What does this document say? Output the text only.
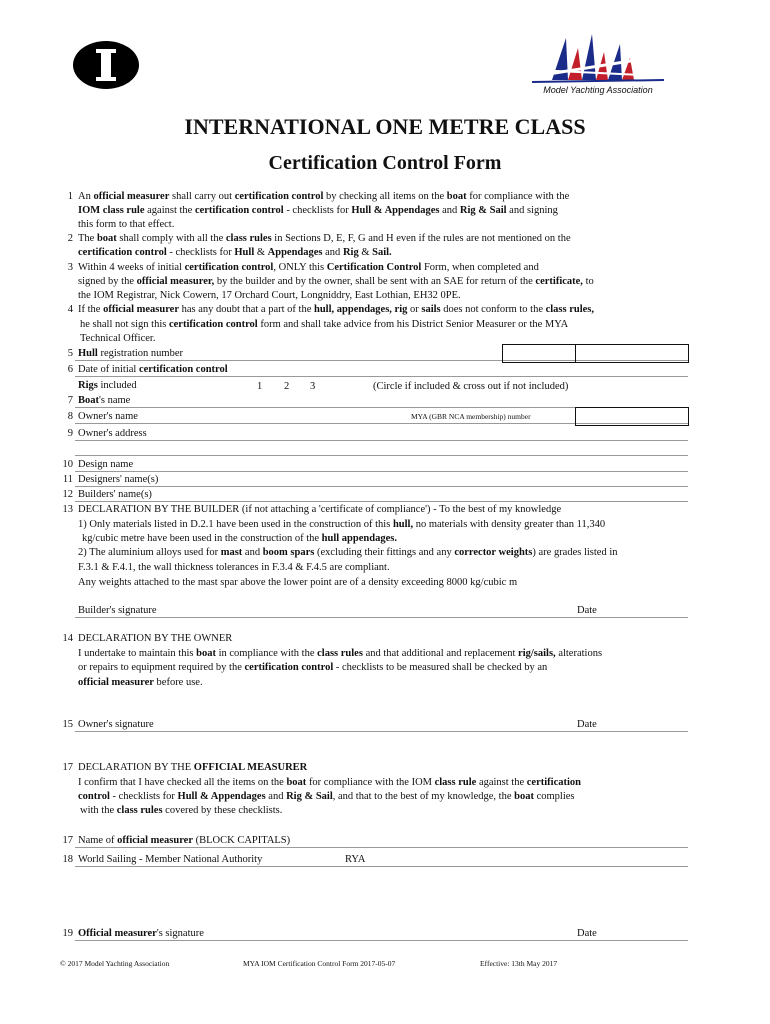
Model Yachting Association
INTERNATIONAL ONE METRE CLASS
Certification Control Form
1 An official measurer shall carry out certification control by checking all items on the boat for compliance with the
IOM class rule against the certification control - checklists for Hull & Appendages and Rig & Sail and signing
this form to that effect.
2 The boat shall comply with all the class rules in Sections D, E, F, G and H even if the rules are not mentioned on the
certification control - checklists for Hull & Appendages and Rig & Sail.
3 Within 4 weeks of initial certification control, ONLY this Certification Control Form, when completed and
signed by the official measurer, by the builder and by the owner, shall be sent with an SAE for return of the certificate, to
the IOM Registrar, Nick Cowern, 17 Orchard Court, Longniddry, East Lothian, EH32 0PE.
4 If the official measurer has any doubt that a part of the hull, appendages, rig or sails does not conform to the class rules,
he shall not sign this certification control form and shall take advice from his District Senior Measurer or the MYA
Technical Officer.
5 Hull registration number
6 Date of initial certification control
Rigs included	1 2 3	(Circle if included & cross out if not included)
7 Boat's name
8 Owner's name	MYA (GBR NCA membership) number
9 Owner's address
10 Design name
11 Designers' name(s)
12 Builders' name(s)
13 DECLARATION BY THE BUILDER (if not attaching a 'certificate of compliance') - To the best of my knowledge
1) Only materials listed in D.2.1 have been used in the construction of this hull, no materials with density greater than 11,340
kg/cubic metre have been used in the construction of the hull appendages.
2) The aluminium alloys used for mast and boom spars (excluding their fittings and any corrector weights) are grades listed in
F.3.1 & F.4.1, the wall thickness tolerances in F.3.4 & F.4.5 are compliant.
Any weights attached to the mast spar above the lower point are of a density exceeding 8000 kg/cubic m
Builder's signature	Date
14 DECLARATION BY THE OWNER
I undertake to maintain this boat in compliance with the class rules and that additional and replacement rig/sails, alterations
or repairs to equipment required by the certification control - checklists to be measured shall be checked by an
official measurer before use.
15 Owner's signature	Date
17 DECLARATION BY THE OFFICIAL MEASURER
I confirm that I have checked all the items on the boat for compliance with the IOM class rule against the certification
control - checklists for Hull & Appendages and Rig & Sail, and that to the best of my knowledge, the boat complies
with the class rules covered by these checklists.
17 Name of official measurer (BLOCK CAPITALS)
18 World Sailing - Member National Authority	RYA
19 Official measurer's signature	Date
© 2017 Model Yachting Association	MYA IOM Certification Control Form 2017-05-07	Effective: 13th May 2017
